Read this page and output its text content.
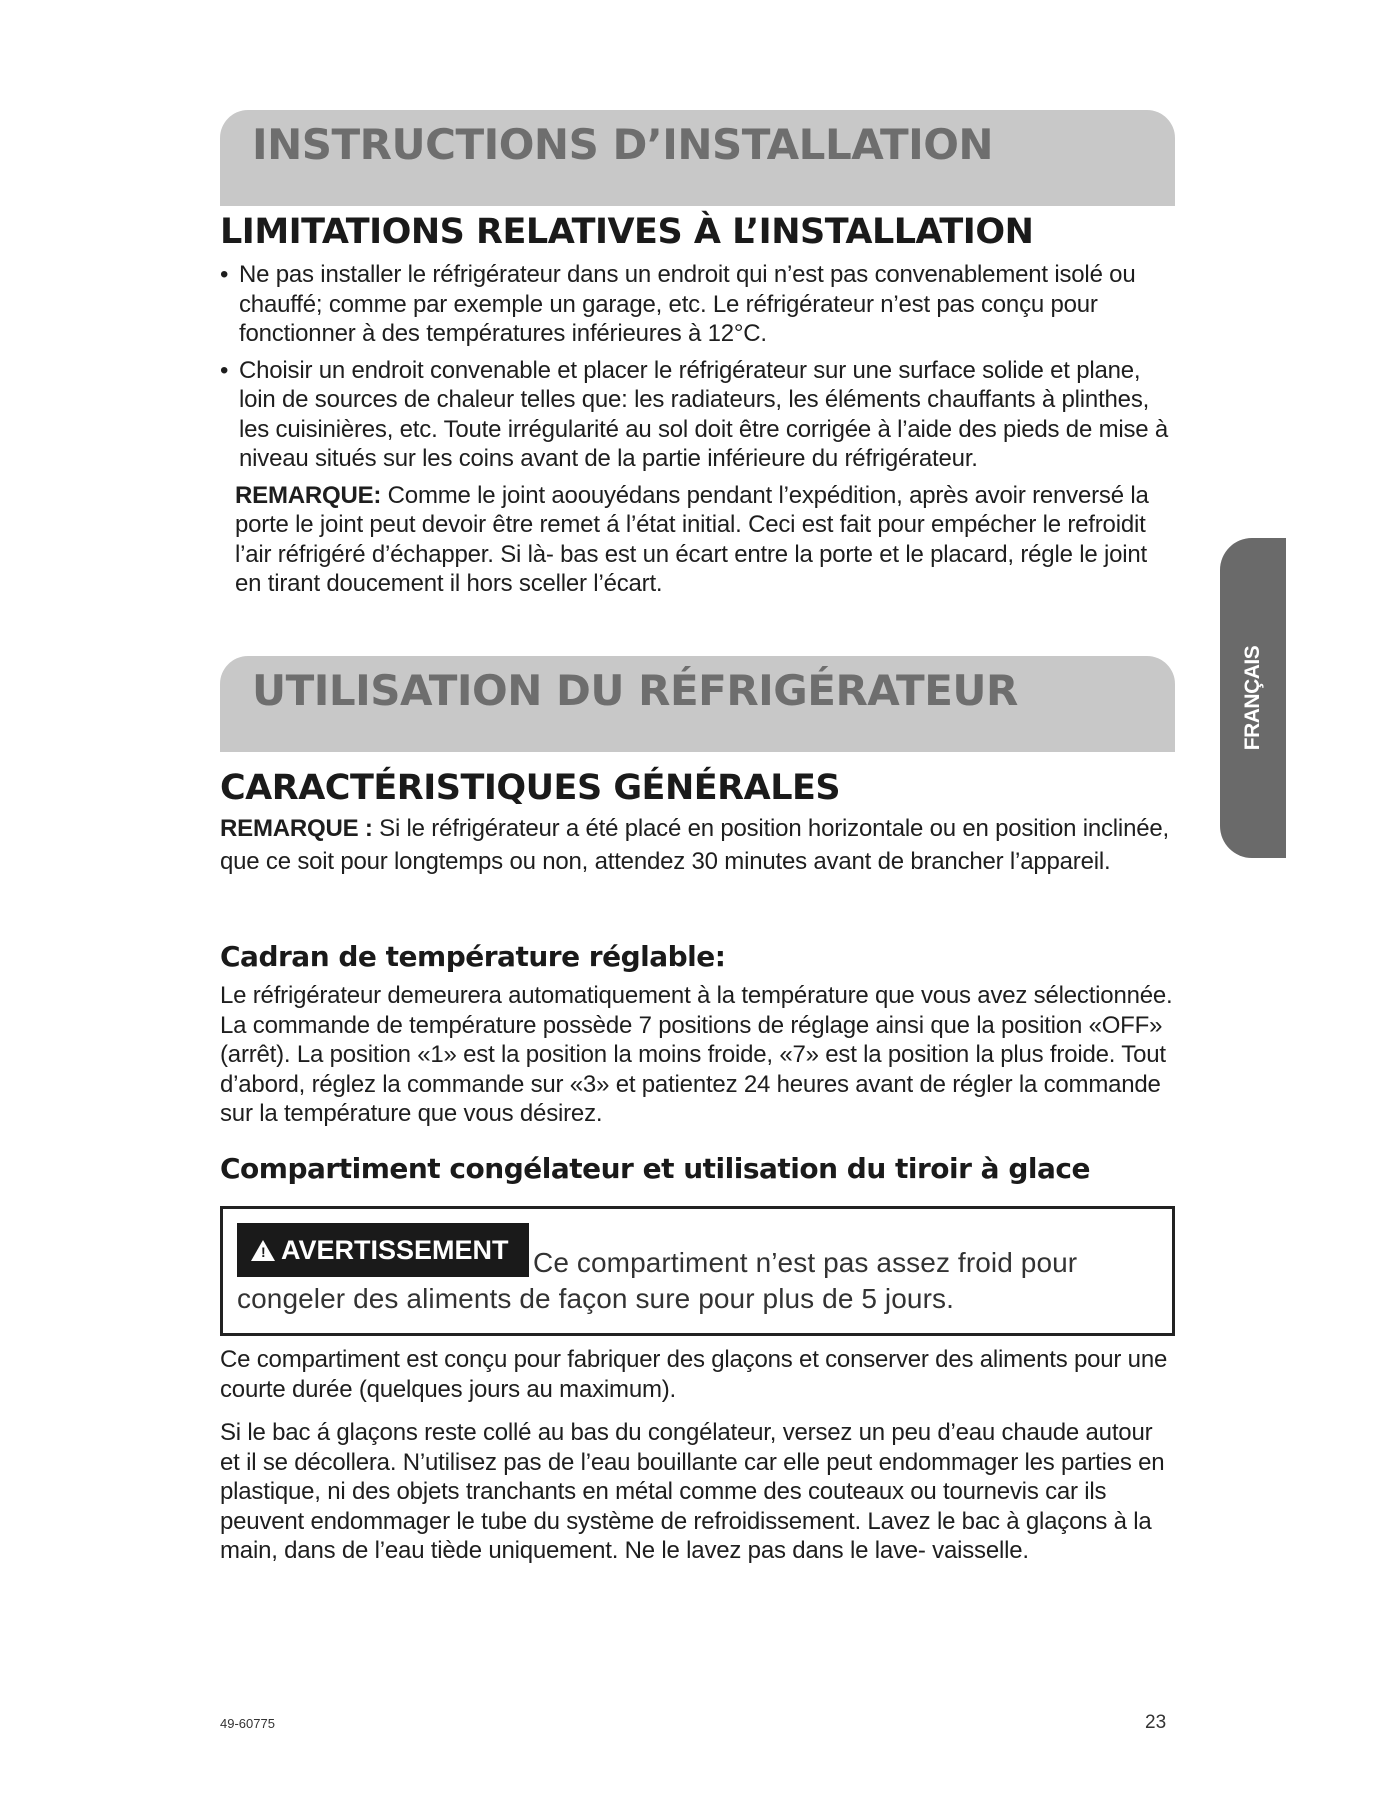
INSTRUCTIONS D’INSTALLATION
LIMITATIONS RELATIVES À L’INSTALLATION
• Ne pas installer le réfrigérateur dans un endroit qui n’est pas convenablement isolé ou chauffé; comme par exemple un garage, etc. Le réfrigérateur n’est pas conçu pour fonctionner à des températures inférieures à 12°C.
• Choisir un endroit convenable et placer le réfrigérateur sur une surface solide et plane, loin de sources de chaleur telles que: les radiateurs, les éléments chauffants à plinthes, les cuisinières, etc. Toute irrégularité au sol doit être corrigée à l’aide des pieds de mise à niveau situés sur les coins avant de la partie inférieure du réfrigérateur.

REMARQUE: Comme le joint aoouyédans pendant l’expédition, après avoir renversé la porte le joint peut devoir être remet á l’état initial. Ceci est fait pour empécher le refroidit l’air réfrigéré d’échapper. Si là- bas est un écart entre la porte et le placard, régle le joint en tirant doucement il hors sceller l’écart.

UTILISATION DU RÉFRIGÉRATEUR
CARACTÉRISTIQUES GÉNÉRALES

REMARQUE : Si le réfrigérateur a été placé en position horizontale ou en position inclinée, que ce soit pour longtemps ou non, attendez 30 minutes avant de brancher l’appareil.

Cadran de température réglable:

Le réfrigérateur demeurera automatiquement à la température que vous avez sélectionnée. La commande de température possède 7 positions de réglage ainsi que la position «OFF» (arrêt). La position «1» est la position la moins froide, «7» est la position la plus froide. Tout d’abord, réglez la commande sur «3» et patientez 24 heures avant de régler la commande sur la température que vous désirez.

Compartiment congélateur et utilisation du tiroir à glace
! AVERTISSEMENT Ce compartiment n’est pas assez froid pour
congeler des aliments de façon sure pour plus de 5 jours.

Ce compartiment est conçu pour fabriquer des glaçons et conserver des aliments pour une courte durée (quelques jours au maximum).

Si le bac á glaçons reste collé au bas du congélateur, versez un peu d’eau chaude autour et il se décollera. N’utilisez pas de l’eau bouillante car elle peut endommager les parties en plastique, ni des objets tranchants en métal comme des couteaux ou tournevis car ils peuvent endommager le tube du système de refroidissement. Lavez le bac à glaçons à la main, dans de l’eau tiède uniquement. Ne le lavez pas dans le lave- vaisselle.

FRANÇAIS
49-60775	23
